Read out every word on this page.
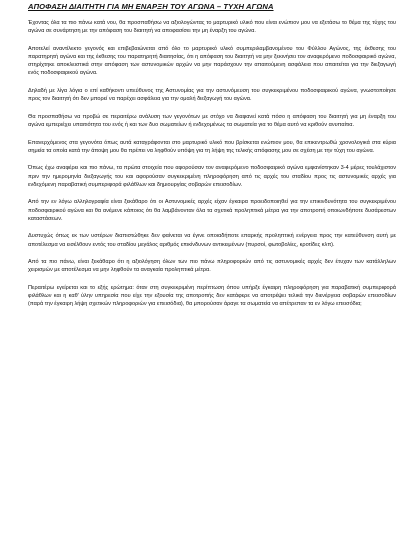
ΑΠΟΦΑΣΗ ΔΙΑΙΤΗΤΗ ΓΙΑ ΜΗ ΕΝΑΡΞΗ ΤΟΥ ΑΓΩΝΑ – ΤΥΧΗ ΑΓΩΝΑ

Έχοντας όλα τα πιο πάνω κατά νου, θα προσπαθήσω να αξιολογώντας το μαρτυρικό υλικό που είναι ενώπιον μου να εξετάσω το θέμα της τύχης του αγώνα σε συνάρτηση με την απόφαση του διαιτητή να αποφασίσει την μη έναρξη του αγώνα.

Αποτελεί αναντίλεκτο γεγονός και επιβεβαιώνεται από όλο το μαρτυρικό υλικό συμπεριλαμβανομένου του Φύλλου Αγώνος, της έκθεσης του παρατηρητή αγώνα και της έκθεσης του παρατηρητή διαιτησίας, ότι η απόφαση του διαιτητή να μην ξεκινήσει τον αναφερόμενο ποδοσφαιρικό αγώνα, στηρίχτηκε αποκλειστικά στην απόφαση των αστυνομικών αρχών να μην παράσχουν την απαιτούμενη ασφάλεια που απαιτείται για την διεξαγωγή ενός ποδοσφαιρικού αγώνα.

Δηλαδή με λίγα λόγια ο επί καθήκοντι υπεύθυνος της Αστυνομίας για την αστυνόμευση του συγκεκριμένου ποδοσφαιρικού αγώνα, γνωστοποίησε προς τον διαιτητή ότι δεν μπορεί να παρέχει ασφάλεια για την ομαλή διεξαγωγή του αγώνα.

Θα προσπαθήσω να προβώ σε περαιτέρω ανάλυση των γεγονότων με στόχο να διαφανεί κατά πόσο η απόφαση του διαιτητή για μη έναρξη του αγώνα εμπεριέχει υπαιτιότητα του ενός ή και των δυο σωματείων ή ενδεχομένως τα σωματεία για το θέμα αυτό να κριθούν ανυπαίτια.

Επανερχόμενος στα γεγονότα όπως αυτά καταγράφονται στο μαρτυρικό υλικό που βρίσκεται ενώπιον μου, θα επικεντρωθώ χρονολογικά στα κύρια σημεία τα οποία κατά την άποψη μου θα πρέπει να ληφθούν υπόψη για τη λήψη της τελικής απόφασης μου σε σχέση με την τύχη του αγώνα.

Όπως έχω αναφέρει και πιο πάνω, τα πρώτα στοιχεία που αφορούσαν τον αναφερόμενο ποδοσφαιρικό αγώνα εμφανίστηκαν 3-4 μέρες τουλάχιστον πριν την ημερομηνία διεξαγωγής του και αφορούσαν συγκεκριμένη πληροφόρηση από τις αρχές του σταδίου προς τις αστυνομικές αρχές για ενδεχόμενη παραβατική συμπεριφορά φιλάθλων και δημιουργίας σοβαρών επεισοδίων.

Από την εν λόγω αλληλογραφία είναι ξεκάθαρο ότι οι Αστυνομικές αρχές είχαν έγκαιρα προειδοποιηθεί για την επικινδυνότητα του συγκεκριμένου ποδοσφαιρικού αγώνα και θα ανέμενε κάποιος ότι θα λαμβάνονταν όλα τα σχετικά προληπτικά μέτρα για την αποτροπή οποιωνδήποτε δυσάρεστων καταστάσεων.

Δυστυχώς όπως εκ των υστέρων διαπιστώθηκε δεν φαίνεται να έγινε οποιαδήποτε επαρκής προληπτική ενέργεια προς την κατεύθυνση αυτή με αποτέλεσμα να εισέλθουν εντός του σταδίου μεγάλος αριθμός επικίνδυνων αντικειμένων (πυρσοί, φωτοβολίες, κροτίδες κλπ).

Από τα πιο πάνω, είναι ξεκάθαρο ότι η αξιολόγηση όλων των πιο πάνω πληροφοριών από τις αστυνομικές αρχές δεν έτυχαν των κατάλληλων χειρισμών με αποτέλεσμα να μην ληφθούν τα αναγκαία προληπτικά μέτρα.

Περαιτέρω εγείρεται και το εξής ερώτημα: όταν στη συγκεκριμένη περίπτωση όπου υπήρξε έγκαιρη πληροφόρηση για παραβατική συμπεριφορά φιλάθλων και η καθ' ύλην υπηρεσία που είχε την εξουσία της αποτροπής δεν κατάφερε να αποτρέψει τελικά την διενέργεια σοβαρών επεισοδίων (παρά την έγκαιρη λήψη σχετικών πληροφοριών για επεισόδια), θα μπορούσαν άραγε τα σωματεία να απέτρεπαν τα εν λόγω επεισόδια;
